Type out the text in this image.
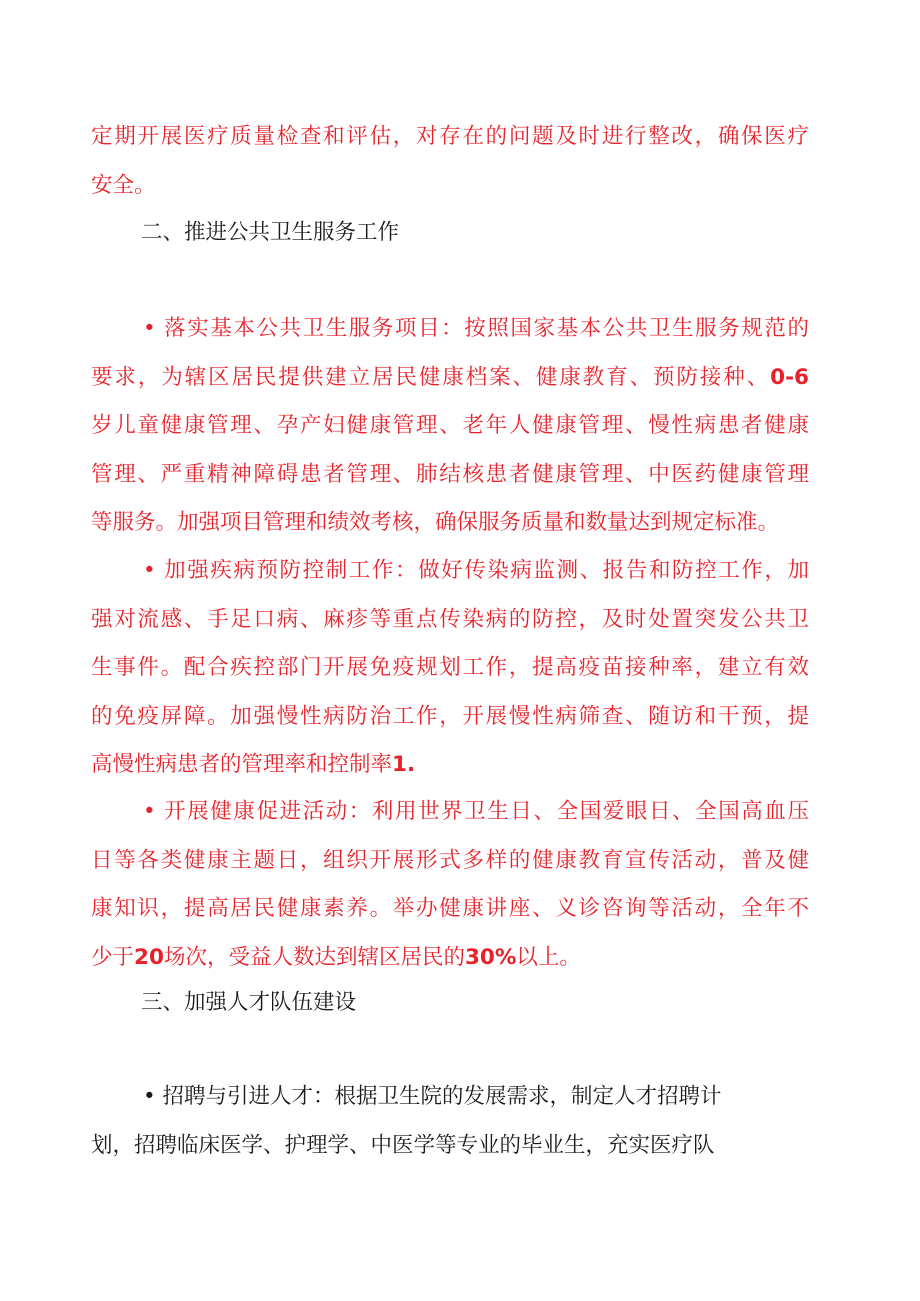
定期开展医疗质量检查和评估，对存在的问题及时进行整改，确保医疗
安全。
二、推进公共卫生服务工作
• 落实基本公共卫生服务项目：按照国家基本公共卫生服务规范的
要求，为辖区居民提供建立居民健康档案、健康教育、预防接种、0-6
岁儿童健康管理、孕产妇健康管理、老年人健康管理、慢性病患者健康
管理、严重精神障碍患者管理、肺结核患者健康管理、中医药健康管理
等服务。加强项目管理和绩效考核，确保服务质量和数量达到规定标准。
• 加强疾病预防控制工作：做好传染病监测、报告和防控工作，加
强对流感、手足口病、麻疹等重点传染病的防控，及时处置突发公共卫
生事件。配合疾控部门开展免疫规划工作，提高疫苗接种率，建立有效
的免疫屏障。加强慢性病防治工作，开展慢性病筛查、随访和干预，提
高慢性病患者的管理率和控制率1.
• 开展健康促进活动：利用世界卫生日、全国爱眼日、全国高血压
日等各类健康主题日，组织开展形式多样的健康教育宣传活动，普及健
康知识，提高居民健康素养。举办健康讲座、义诊咨询等活动，全年不
少于20场次，受益人数达到辖区居民的30%以上。
三、加强人才队伍建设
• 招聘与引进人才：根据卫生院的发展需求，制定人才招聘计
划，招聘临床医学、护理学、中医学等专业的毕业生，充实医疗队
